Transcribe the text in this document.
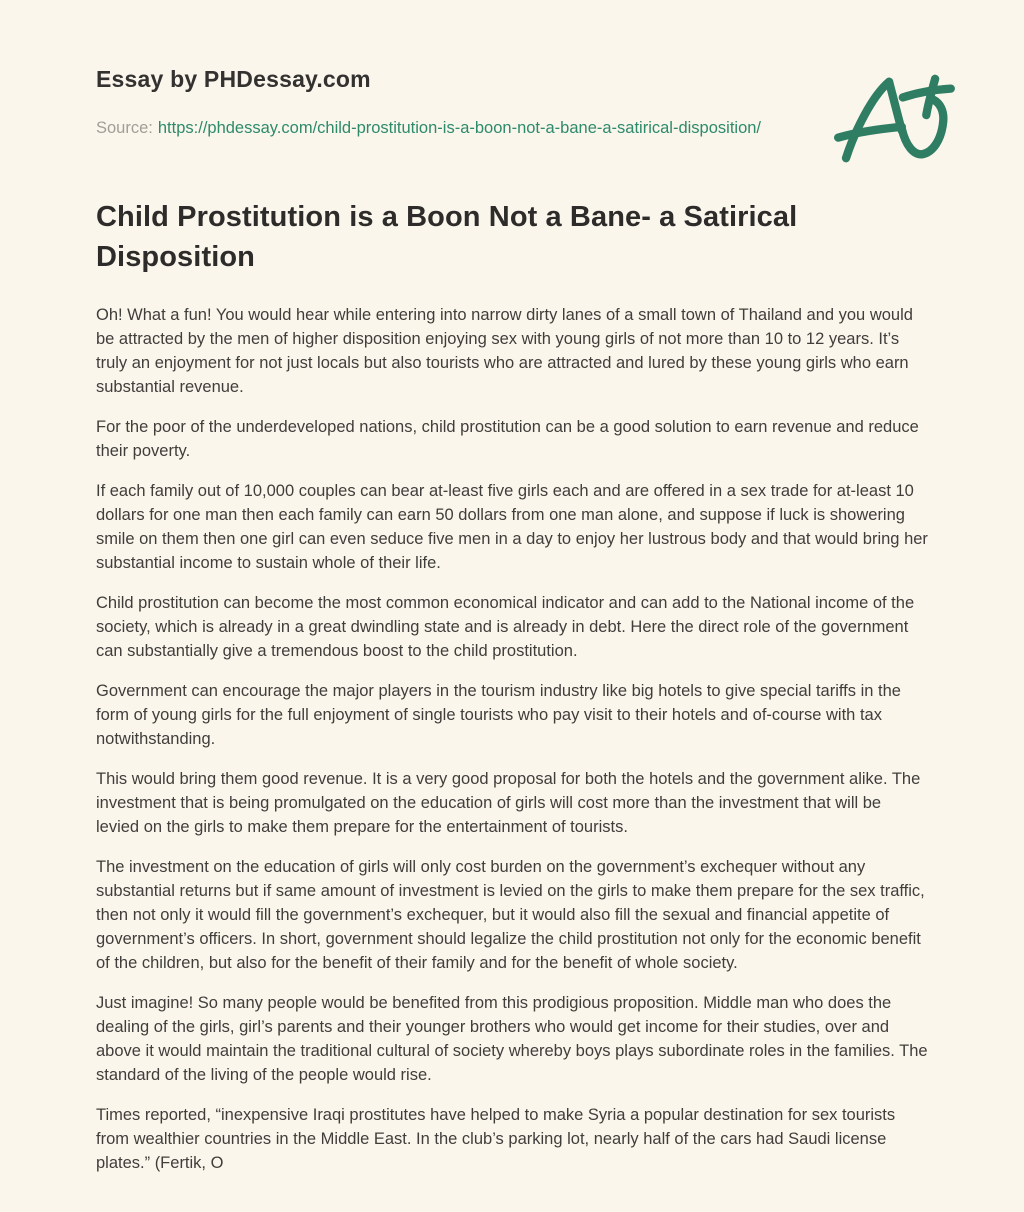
Essay by PHDessay.com

Source: https://phdessay.com/child-prostitution-is-a-boon-not-a-bane-a-satirical-disposition/

Child Prostitution is a Boon Not a Bane- a Satirical Disposition

Oh! What a fun! You would hear while entering into narrow dirty lanes of a small town of Thailand and you would be attracted by the men of higher disposition enjoying sex with young girls of not more than 10 to 12 years. It’s truly an enjoyment for not just locals but also tourists who are attracted and lured by these young girls who earn substantial revenue.

For the poor of the underdeveloped nations, child prostitution can be a good solution to earn revenue and reduce their poverty.

If each family out of 10,000 couples can bear at-least five girls each and are offered in a sex trade for at-least 10 dollars for one man then each family can earn 50 dollars from one man alone, and suppose if luck is showering smile on them then one girl can even seduce five men in a day to enjoy her lustrous body and that would bring her substantial income to sustain whole of their life.

Child prostitution can become the most common economical indicator and can add to the National income of the society, which is already in a great dwindling state and is already in debt. Here the direct role of the government can substantially give a tremendous boost to the child prostitution.

Government can encourage the major players in the tourism industry like big hotels to give special tariffs in the form of young girls for the full enjoyment of single tourists who pay visit to their hotels and of-course with tax notwithstanding.

This would bring them good revenue. It is a very good proposal for both the hotels and the government alike. The investment that is being promulgated on the education of girls will cost more than the investment that will be levied on the girls to make them prepare for the entertainment of tourists.

The investment on the education of girls will only cost burden on the government’s exchequer without any substantial returns but if same amount of investment is levied on the girls to make them prepare for the sex traffic, then not only it would fill the government’s exchequer, but it would also fill the sexual and financial appetite of government’s officers. In short, government should legalize the child prostitution not only for the economic benefit of the children, but also for the benefit of their family and for the benefit of whole society.

Just imagine! So many people would be benefited from this prodigious proposition. Middle man who does the dealing of the girls, girl’s parents and their younger brothers who would get income for their studies, over and above it would maintain the traditional cultural of society whereby boys plays subordinate roles in the families. The standard of the living of the people would rise.

Times reported, “inexpensive Iraqi prostitutes have helped to make Syria a popular destination for sex tourists from wealthier countries in the Middle East. In the club’s parking lot, nearly half of the cars had Saudi license plates.” (Fertik, O
